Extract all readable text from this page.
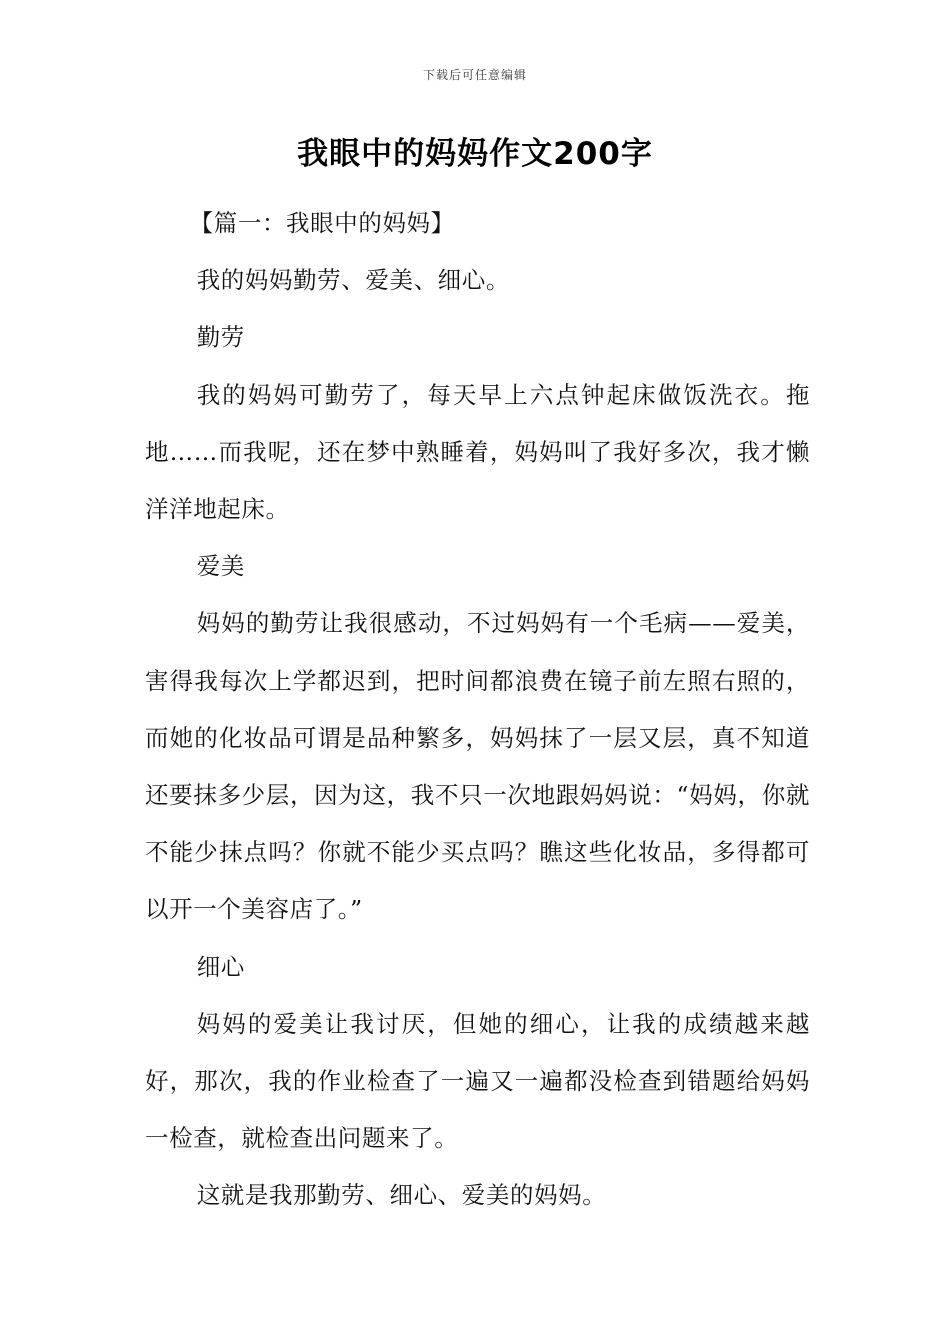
下载后可任意编辑
我眼中的妈妈作文200字

【篇一：我眼中的妈妈】

我的妈妈勤劳、爱美、细心。

勤劳

我的妈妈可勤劳了，每天早上六点钟起床做饭洗衣。拖地……而我呢，还在梦中熟睡着，妈妈叫了我好多次，我才懒洋洋地起床。

爱美

妈妈的勤劳让我很感动，不过妈妈有一个毛病——爱美，害得我每次上学都迟到，把时间都浪费在镜子前左照右照的，而她的化妆品可谓是品种繁多，妈妈抹了一层又层，真不知道还要抹多少层，因为这，我不只一次地跟妈妈说：“妈妈，你就不能少抹点吗？你就不能少买点吗？瞧这些化妆品，多得都可以开一个美容店了。”

细心

妈妈的爱美让我讨厌，但她的细心，让我的成绩越来越好，那次，我的作业检查了一遍又一遍都没检查到错题给妈妈一检查，就检查出问题来了。

这就是我那勤劳、细心、爱美的妈妈。
